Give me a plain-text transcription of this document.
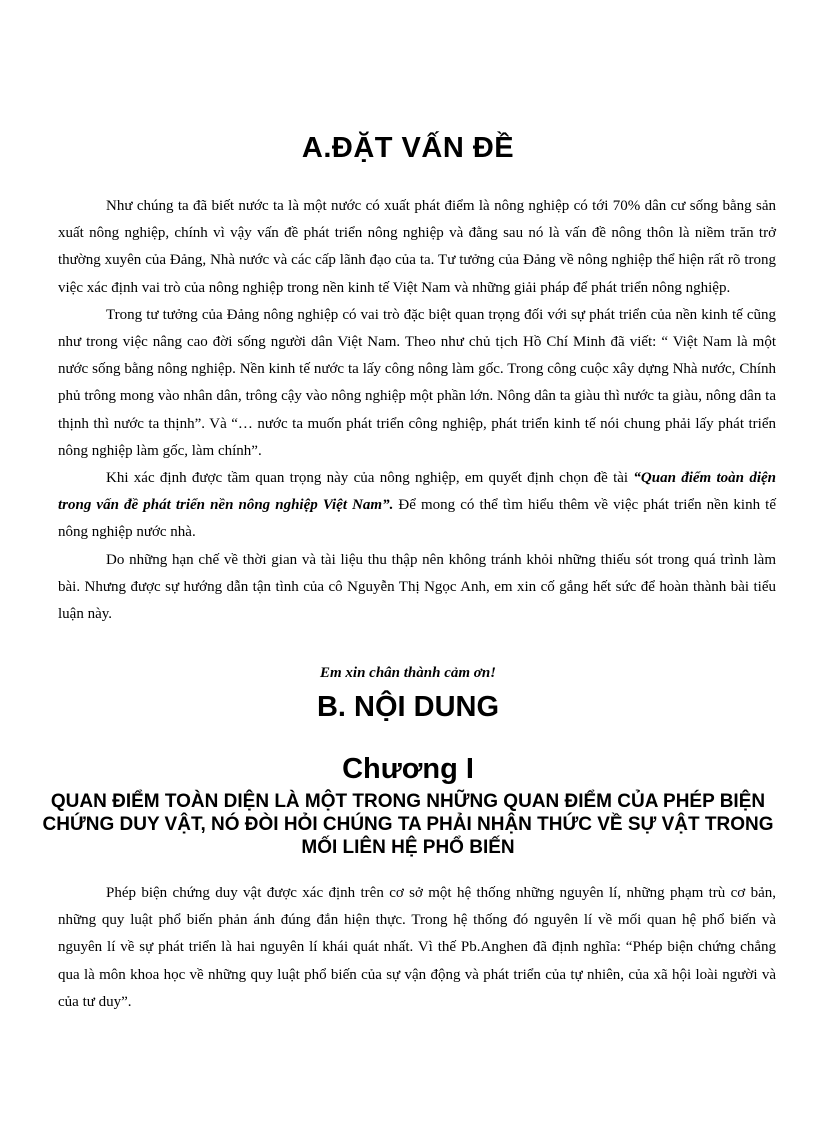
A.ĐẶT VẤN ĐỀ

Như chúng ta đã biết nước ta là một nước có xuất phát điểm là nông nghiệp có tới 70% dân cư sống bằng sản xuất nông nghiệp, chính vì vậy vấn đề phát triển nông nghiệp và đằng sau nó là vấn đề nông thôn là niềm trăn trở thường xuyên của Đảng, Nhà nước và các cấp lãnh đạo của ta. Tư tưởng của Đảng về nông nghiệp thể hiện rất rõ trong việc xác định vai trò của nông nghiệp trong nền kinh tế Việt Nam và những giải pháp để phát triển nông nghiệp.

Trong tư tưởng của Đảng nông nghiệp có vai trò đặc biệt quan trọng đối với sự phát triển của nền kinh tế cũng như trong việc nâng cao đời sống người dân Việt Nam. Theo như chủ tịch Hồ Chí Minh đã viết: “ Việt Nam là một nước sống bằng nông nghiệp. Nền kinh tế nước ta lấy công nông làm gốc. Trong công cuộc xây dựng Nhà nước, Chính phủ trông mong vào nhân dân, trông cậy vào nông nghiệp một phần lớn. Nông dân ta giàu thì nước ta giàu, nông dân ta thịnh thì nước ta thịnh”. Và “… nước ta muốn phát triển công nghiệp, phát triển kinh tế nói chung phải lấy phát triển nông nghiệp làm gốc, làm chính”.

Khi xác định được tầm quan trọng này của nông nghiệp, em quyết định chọn đề tài “Quan điểm toàn diện trong vấn đề phát triển nền nông nghiệp Việt Nam”. Để mong có thể tìm hiểu thêm về việc phát triển nền kinh tế nông nghiệp nước nhà.

Do những hạn chế về thời gian và tài liệu thu thập nên không tránh khỏi những thiếu sót trong quá trình làm bài. Nhưng được sự hướng dẫn tận tình của cô Nguyễn Thị Ngọc Anh, em xin cố gắng hết sức để hoàn thành bài tiểu luận này.

Em xin chân thành cảm ơn!
B. NỘI DUNG
Chương I
QUAN ĐIỂM TOÀN DIỆN LÀ MỘT TRONG NHỮNG QUAN ĐIỂM CỦA PHÉP BIỆN CHỨNG DUY VẬT, NÓ ĐÒI HỎI CHÚNG TA PHẢI NHẬN THỨC VỀ SỰ VẬT TRONG MỐI LIÊN HỆ PHỔ BIẾN

Phép biện chứng duy vật được xác định trên cơ sở một hệ thống những nguyên lí, những phạm trù cơ bản, những quy luật phổ biến phản ánh đúng đắn hiện thực. Trong hệ thống đó nguyên lí về mối quan hệ phổ biến và nguyên lí về sự phát triển là hai nguyên lí khái quát nhất. Vì thế Pb.Anghen đã định nghĩa: “Phép biện chứng chẳng qua là môn khoa học về những quy luật phổ biến của sự vận động và phát triển của tự nhiên, của xã hội loài người và của tư duy”.
